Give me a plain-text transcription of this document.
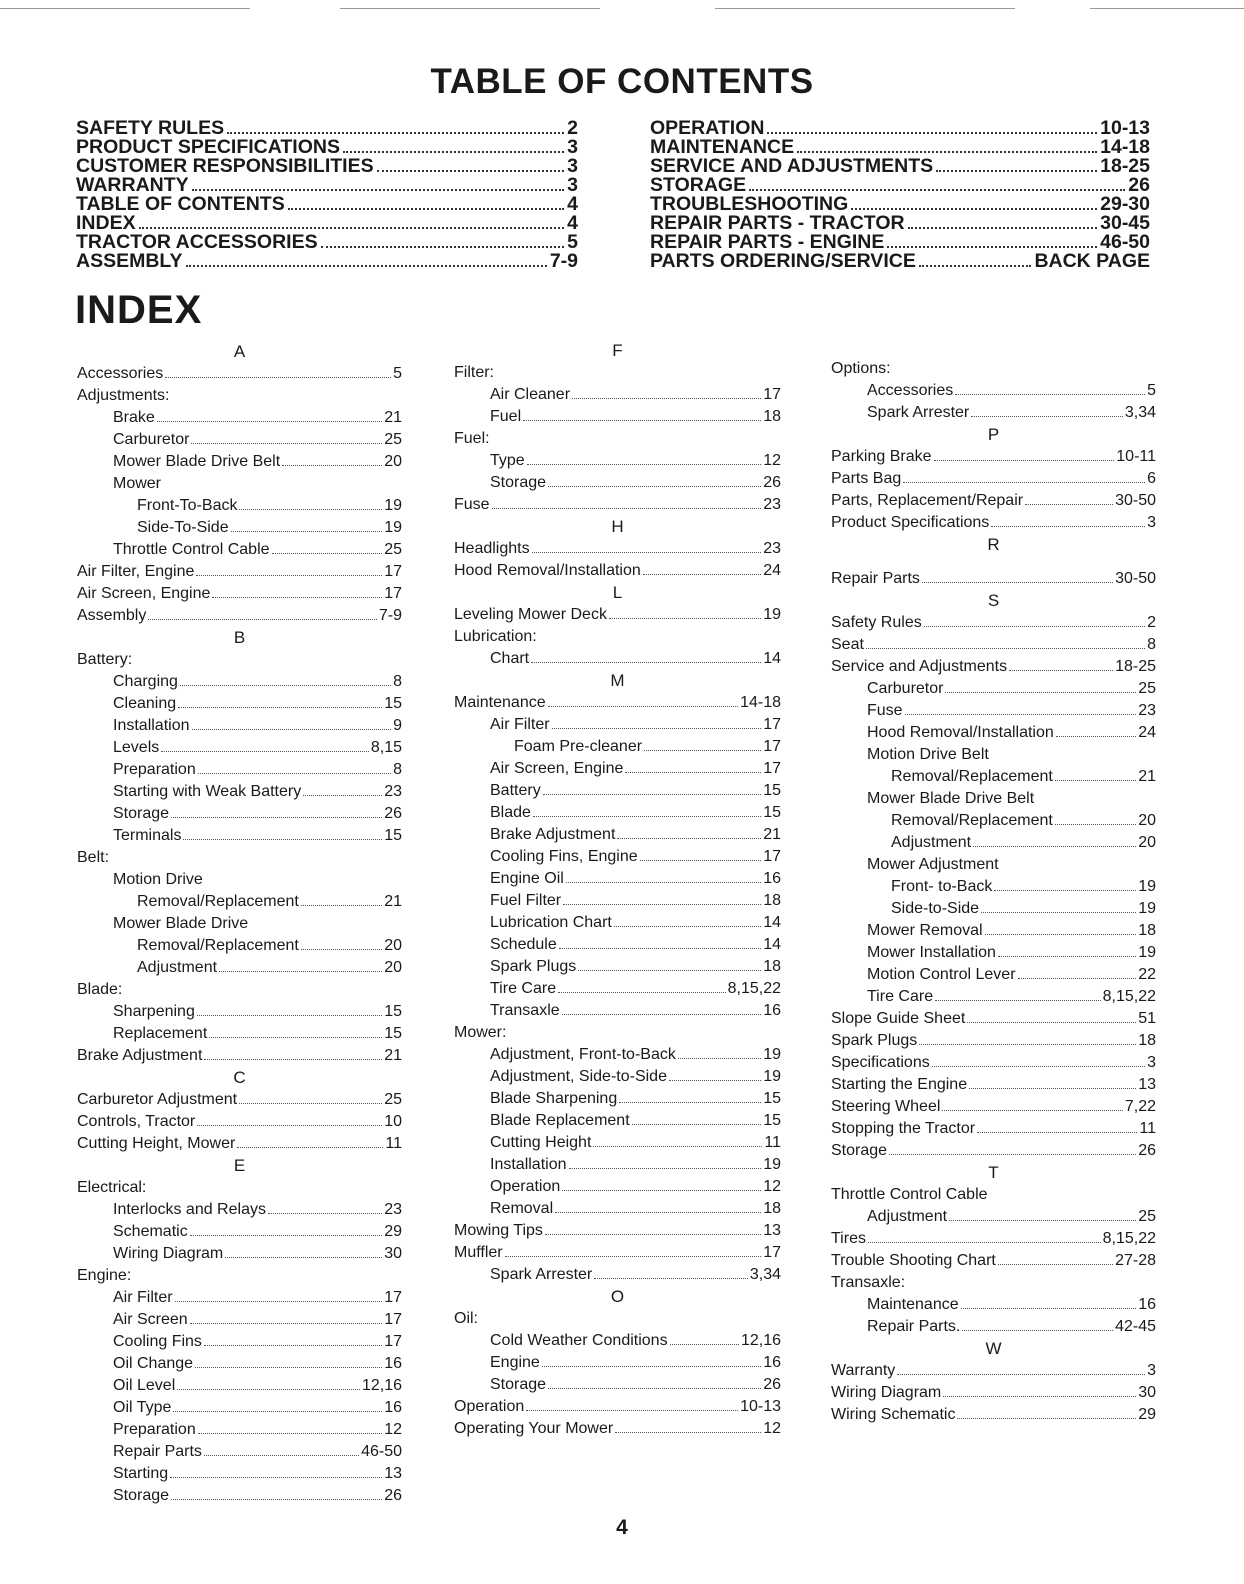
TABLE OF CONTENTS
SAFETY RULES	2
PRODUCT SPECIFICATIONS	3
CUSTOMER RESPONSIBILITIES	3
WARRANTY	3
TABLE OF CONTENTS	4
INDEX	4
TRACTOR ACCESSORIES	5
ASSEMBLY	7-9
OPERATION	10-13
MAINTENANCE	14-18
SERVICE AND ADJUSTMENTS	18-25
STORAGE	26
TROUBLESHOOTING	29-30
REPAIR PARTS - TRACTOR	30-45
REPAIR PARTS - ENGINE	46-50
PARTS ORDERING/SERVICE	BACK PAGE
INDEX
A
Accessories	5
Adjustments:
Brake	21
Carburetor	25
Mower Blade Drive Belt	20
Mower
Front-To-Back	19
Side-To-Side	19
Throttle Control Cable	25
Air Filter, Engine	17
Air Screen, Engine	17
Assembly	7-9
B
Battery:
Charging	8
Cleaning	15
Installation	9
Levels	8,15
Preparation	8
Starting with Weak Battery	23
Storage	26
Terminals	15
Belt:
Motion Drive
Removal/Replacement	21
Mower Blade Drive
Removal/Replacement	20
Adjustment	20
Blade:
Sharpening	15
Replacement	15
Brake Adjustment	21
C
Carburetor Adjustment	25
Controls, Tractor	10
Cutting Height, Mower	11
E
Electrical:
Interlocks and Relays	23
Schematic	29
Wiring Diagram	30
Engine:
Air Filter	17
Air Screen	17
Cooling Fins	17
Oil Change	16
Oil Level	12,16
Oil Type	16
Preparation	12
Repair Parts	46-50
Starting	13
Storage	26
F
Filter:
Air Cleaner	17
Fuel	18
Fuel:
Type	12
Storage	26
Fuse	23
H
Headlights	23
Hood Removal/Installation	24
L
Leveling Mower Deck	19
Lubrication:
Chart	14
M
Maintenance	14-18
Air Filter	17
Foam Pre-cleaner	17
Air Screen, Engine	17
Battery	15
Blade	15
Brake Adjustment	21
Cooling Fins, Engine	17
Engine Oil	16
Fuel Filter	18
Lubrication Chart	14
Schedule	14
Spark Plugs	18
Tire Care	8,15,22
Transaxle	16
Mower:
Adjustment, Front-to-Back	19
Adjustment, Side-to-Side	19
Blade Sharpening	15
Blade Replacement	15
Cutting Height	11
Installation	19
Operation	12
Removal	18
Mowing Tips	13
Muffler	17
Spark Arrester	3,34
O
Oil:
Cold Weather Conditions	12,16
Engine	16
Storage	26
Operation	10-13
Operating Your Mower	12
Options:
Accessories	5
Spark Arrester	3,34
P
Parking Brake	10-11
Parts Bag	6
Parts, Replacement/Repair	30-50
Product Specifications	3
R
Repair Parts	30-50
S
Safety Rules	2
Seat	8
Service and Adjustments	18-25
Carburetor	25
Fuse	23
Hood Removal/Installation	24
Motion Drive Belt
Removal/Replacement	21
Mower Blade Drive Belt
Removal/Replacement	20
Adjustment	20
Mower Adjustment
Front- to-Back	19
Side-to-Side	19
Mower Removal	18
Mower Installation	19
Motion Control Lever	22
Tire Care	8,15,22
Slope Guide Sheet	51
Spark Plugs	18
Specifications	3
Starting the Engine	13
Steering Wheel	7,22
Stopping the Tractor	11
Storage	26
T
Throttle Control Cable
Adjustment	25
Tires	8,15,22
Trouble Shooting Chart	27-28
Transaxle:
Maintenance	16
Repair Parts.	42-45
W
Warranty	3
Wiring Diagram	30
Wiring Schematic	29
4
